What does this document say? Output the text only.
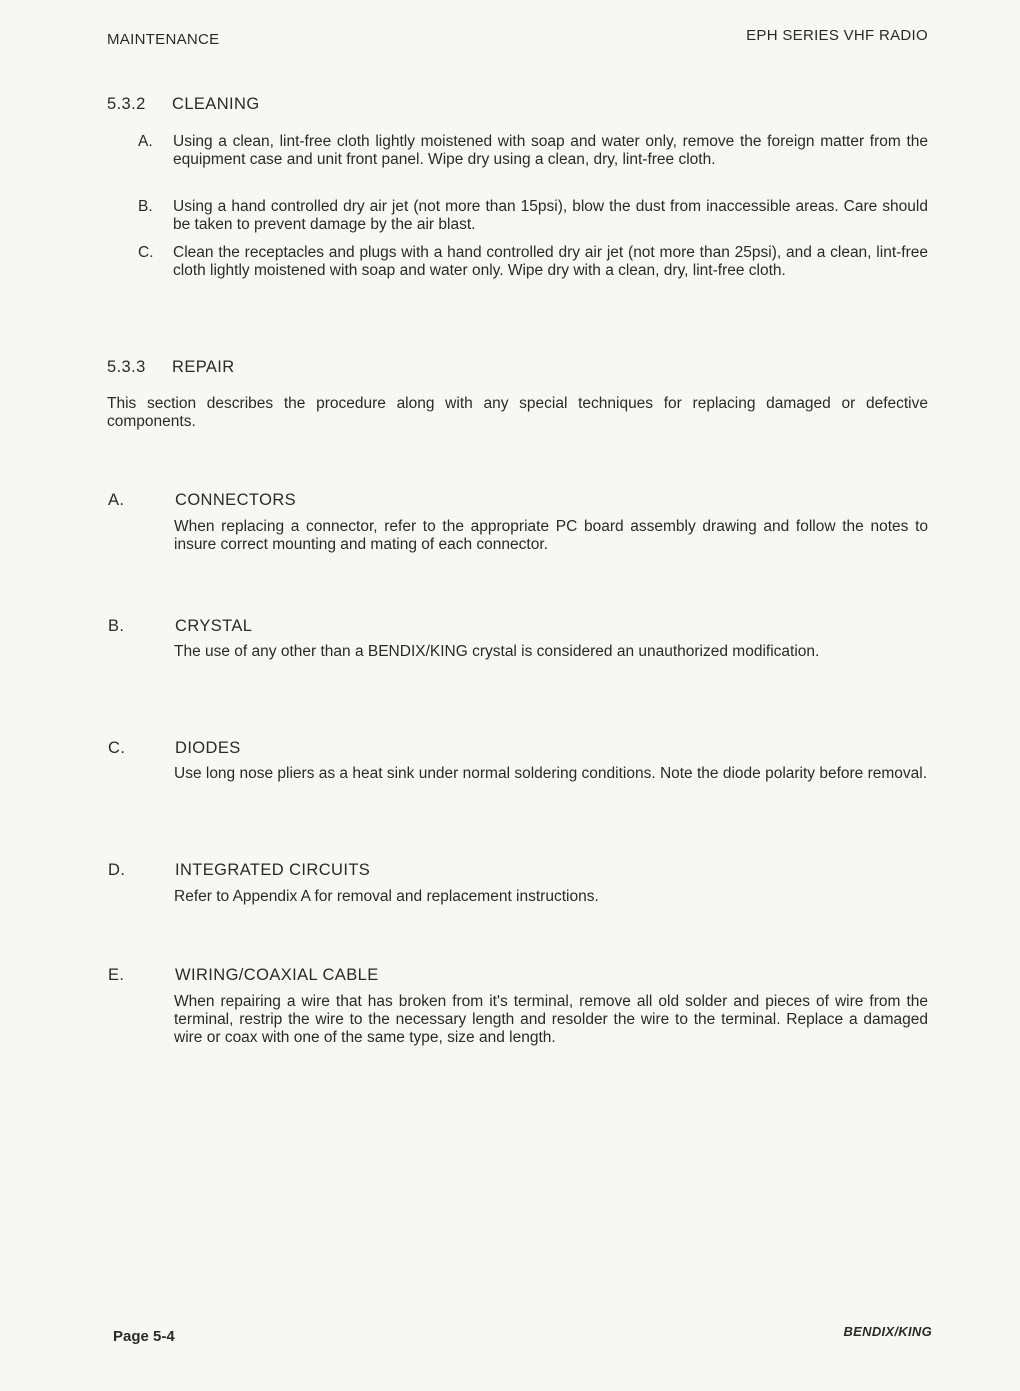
MAINTENANCE	EPH SERIES VHF RADIO
5.3.2 CLEANING
A.	Using a clean, lint-free cloth lightly moistened with soap and water only, remove the foreign matter from the equipment case and unit front panel. Wipe dry using a clean, dry, lint-free cloth.
B.	Using a hand controlled dry air jet (not more than 15psi), blow the dust from inaccessible areas. Care should be taken to prevent damage by the air blast.
C.	Clean the receptacles and plugs with a hand controlled dry air jet (not more than 25psi), and a clean, lint-free cloth lightly moistened with soap and water only. Wipe dry with a clean, dry, lint-free cloth.
5.3.3 REPAIR
This section describes the procedure along with any special techniques for replacing damaged or defective components.
A.	CONNECTORS
When replacing a connector, refer to the appropriate PC board assembly drawing and follow the notes to insure correct mounting and mating of each connector.
B.	CRYSTAL
The use of any other than a BENDIX/KING crystal is considered an unauthorized modification.
C.	DIODES
Use long nose pliers as a heat sink under normal soldering conditions. Note the diode polarity before removal.
D.	INTEGRATED CIRCUITS
Refer to Appendix A for removal and replacement instructions.
E.	WIRING/COAXIAL CABLE
When repairing a wire that has broken from it's terminal, remove all old solder and pieces of wire from the terminal, restrip the wire to the necessary length and resolder the wire to the terminal. Replace a damaged wire or coax with one of the same type, size and length.
Page 5-4	BENDIX/KING
